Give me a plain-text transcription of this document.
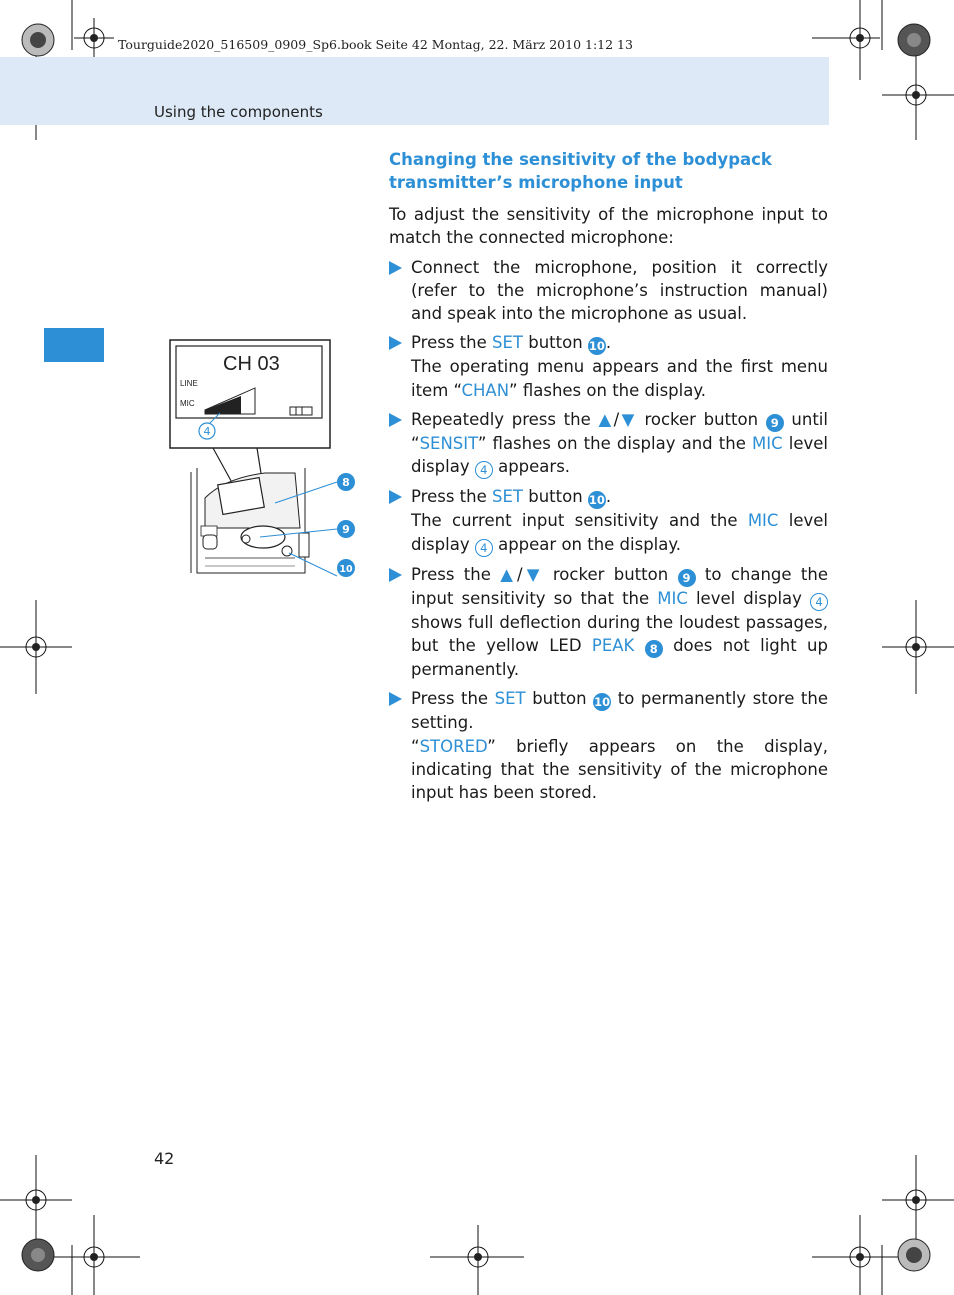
Tourguide2020_516509_0909_Sp6.book Seite 42 Montag, 22. März 2010 1:12 13
Using the components
CH 03
LINE
MIC
4
8
9
10
Changing the sensitivity of the bodypack transmitter’s microphone input

To adjust the sensitivity of the microphone input to match the connected microphone:

Connect the microphone, position it correctly (refer to the microphone’s instruction manual) and speak into the microphone as usual.
Press the SET button 10.
The operating menu appears and the first menu item “CHAN” flashes on the display.
Repeatedly press the ▲/▼ rocker button 9 until “SENSIT” flashes on the display and the MIC level display 4 appears.
Press the SET button 10.
The current input sensitivity and the MIC level display 4 appear on the display.
Press the ▲/▼ rocker button 9 to change the input sensitivity so that the MIC level display 4 shows full deflection during the loudest passages, but the yellow LED PEAK 8 does not light up permanently.
Press the SET button 10 to permanently store the setting.
“STORED” briefly appears on the display, indicating that the sensitivity of the microphone input has been stored.
42
